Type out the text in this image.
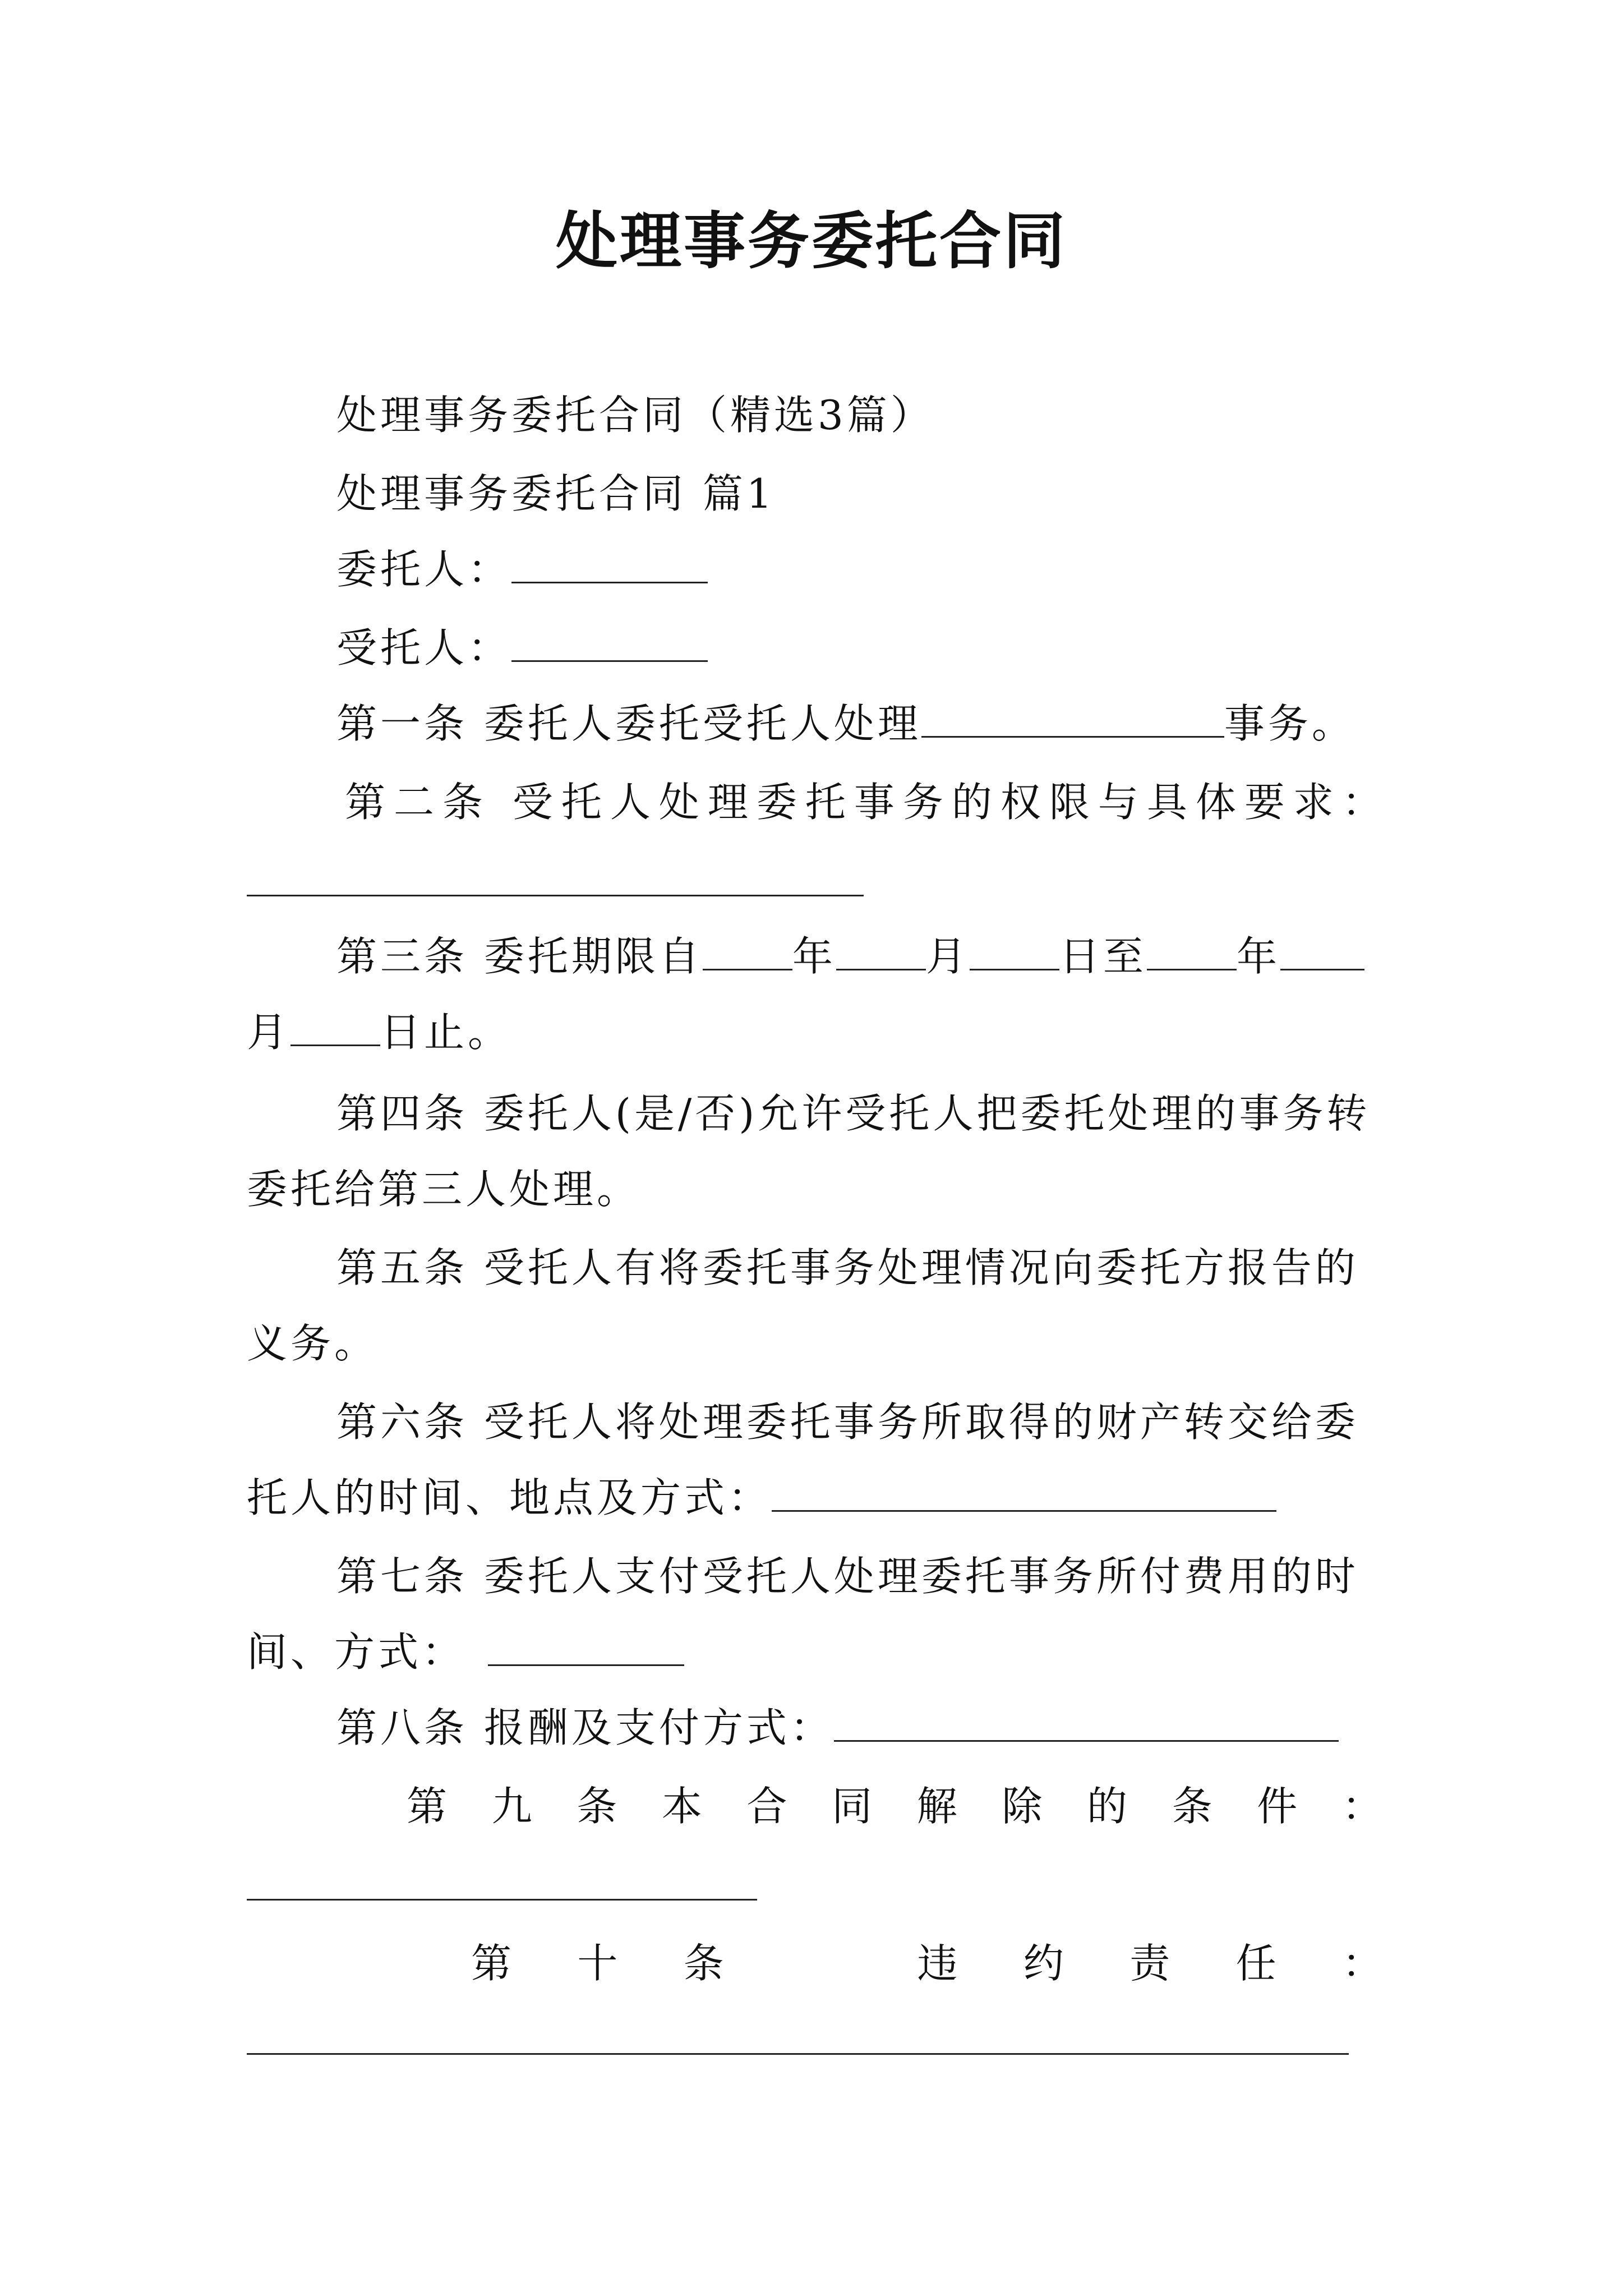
处理事务委托合同
处理事务委托合同（精选3篇）
处理事务委托合同 篇1
委托人：
受托人：
第一条 委托人委托受托人处理	事务。
第二条 受托人处理委托事务的权限与具体要求：
第三条 委托期限自 年 月 日至 年
月 日止。
第四条 委托人(是/否)允许受托人把委托处理的事务转
委托给第三人处理。
第五条 受托人有将委托事务处理情况向委托方报告的
义务。
第六条 受托人将处理委托事务所取得的财产转交给委
托人的时间、地点及方式：
第七条 委托人支付受托人处理委托事务所付费用的时
间、方式：
第八条 报酬及支付方式：
第 九 条 本 合 同 解 除 的 条 件 ：
第 十 条	违 约 责 任 ：
